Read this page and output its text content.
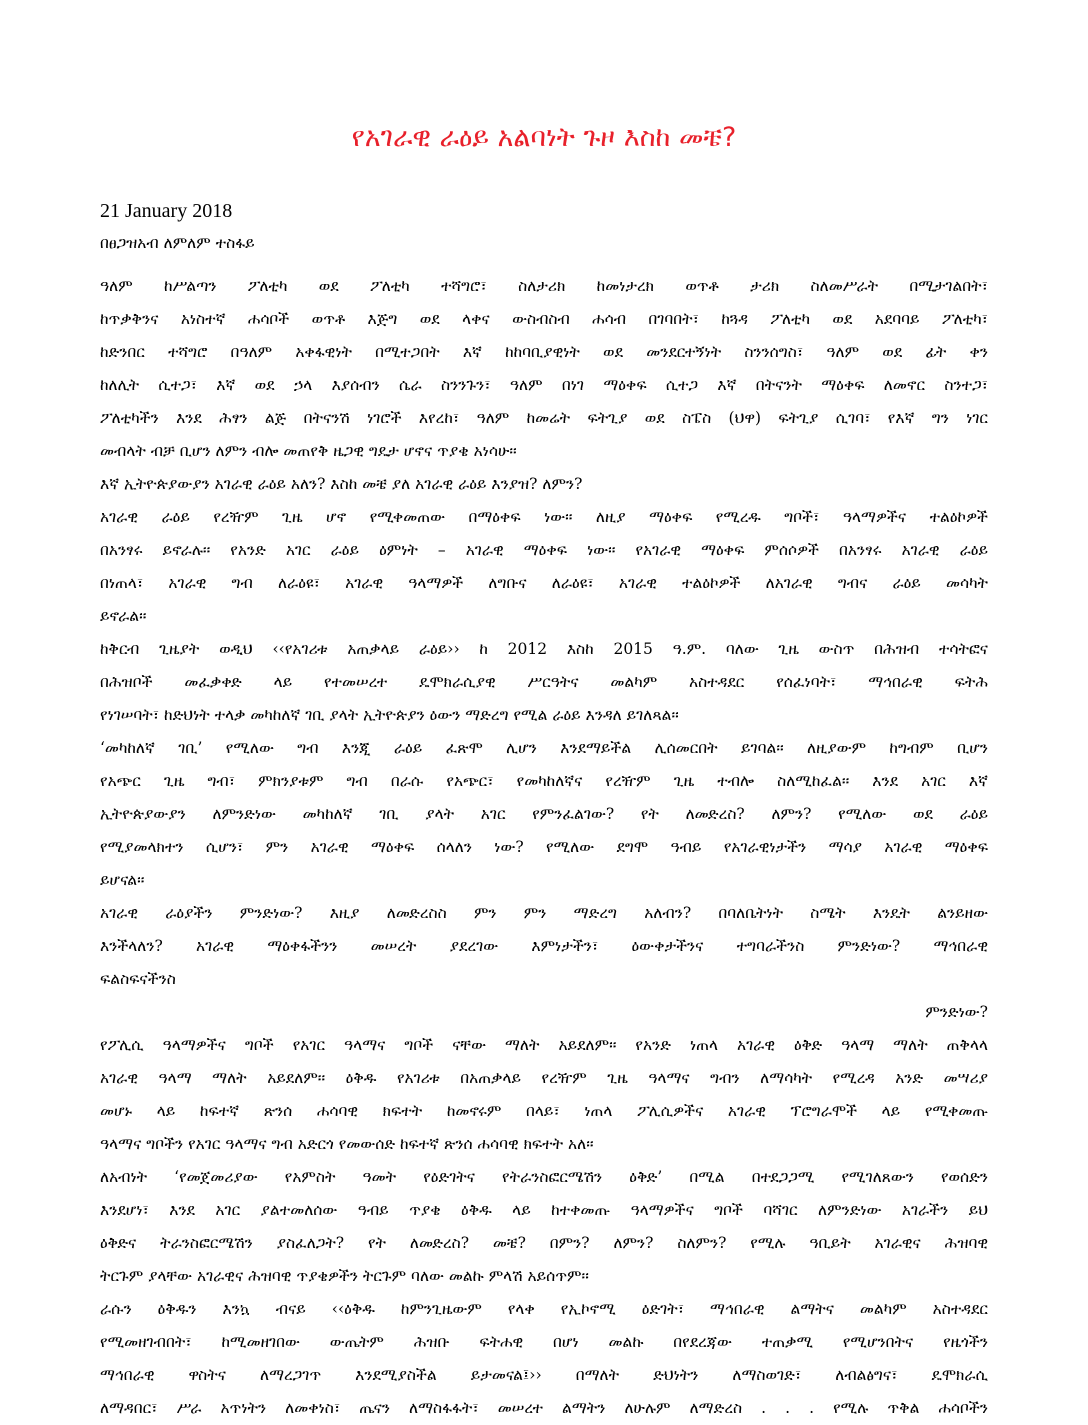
የአገራዊ ራዕይ አልባነት ጉዞ እስከ መቼ?
21 January 2018
በፀጋዝአብ ለምለም ተስፋይ
ዓለም ከሥልጣን ፖለቲካ ወደ ፖለቲካ ተሻግሮ፣ ስለታሪክ ከመነታረክ ወጥቶ ታሪክ ስለመሥራት በሚታገልበት፣
ከጥቃቅንና አነስተኛ ሐሳቦች ወጥቶ እጅግ ወደ ላቀና ውስብስብ ሐሳብ በገባበት፣ ከጓዳ ፖለቲካ ወደ አደባባይ ፖለቲካ፣
ከድንበር ተሻግሮ በዓለም አቀፋዊነት በሚተጋበት እኛ ከከባቢያዊነት ወደ መንደርተኝነት ስንንሰግስ፣ ዓለም ወደ ፊት ቀን
ከለሊት ሲተጋ፣ እኛ ወደ ኃላ እያሰብን ሴራ ስንንጉን፣ ዓለም በነገ ማዕቀፍ ሲተጋ እኛ በትናንት ማዕቀፍ ለመኖር ስንተጋ፣
ፖለቲካችን እንደ ሕፃን ልጅ በትናንሽ ነገሮች እየረከ፣ ዓለም ከመሬት ፍትጊያ ወደ ስፔስ (ህዋ) ፍትጊያ ሲገባ፣ የእኛ ግን ነገር
መብላት ብቻ ቢሆን ለምን ብሎ መጠየቅ ዜጋዊ ግዴታ ሆኖና ጥያቄ አነሳሁ፡፡
እኛ ኢትዮጵያውያን አገራዊ ራዕይ አለን? እስከ መቼ ያለ አገራዊ ራዕይ እንያዝ? ለምን?
አገራዊ ራዕይ የረዥም ጊዜ ሆኖ የሚቀመጠው በማዕቀፍ ነው፡፡ ለዚያ ማዕቀፍ የሚረዱ ግቦች፣ ዓላማዎችና ተልዕኮዎች
በአንፃሩ ይኖራሉ፡፡ የአንድ አገር ራዕይ ዕምነት – አገራዊ ማዕቀፍ ነው፡፡ የአገራዊ ማዕቀፍ ምሰሶዎች በአንፃሩ አገራዊ ራዕይ
በነጠላ፣ አገራዊ ግብ ለራዕዩ፣ አገራዊ ዓላማዎች ለግቡና ለራዕዩ፣ አገራዊ ተልዕኮዎች ለአገራዊ ግብና ራዕይ መሳካት
ይኖራል፡፡
ከቅርብ ጊዜያት ወዲህ ‹‹የአገሪቱ አጠቃላይ ራዕይ›› ከ 2012 እስከ 2015 ዓ.ም. ባለው ጊዜ ውስጥ በሕዝብ ተሳትፎና
በሕዝቦች መፈቃቀድ ላይ የተመሠረተ ዴሞክራሲያዊ ሥርዓትና መልካም አስተዳደር የሰፈነባት፣ ማኅበራዊ ፍትሕ
የነገሠባት፣ ከድህነት ተላቃ መካከለኛ ገቢ ያላት ኢትዮጵያን ዕውን ማድረግ የሚል ራዕይ እንዳለ ይገለጻል፡፡
‘መካከለኛ ገቢ’ የሚለው ግብ እንጂ ራዕይ ፈጽሞ ሊሆን እንደማይችል ሊሰመርበት ይገባል፡፡ ለዚያውም ከግብም ቢሆን
የአጭር ጊዜ ግብ፣ ምክንያቱም ግብ በራሱ የአጭር፣ የመካከለኛና የረዥም ጊዜ ተብሎ ስለሚከፈል፡፡ እንደ አገር እኛ
ኢትዮጵያውያን ለምንድነው መካከለኛ ገቢ ያላት አገር የምንፈልገው? የት ለመድረስ? ለምን? የሚለው ወደ ራዕይ
የሚያመላክተን ሲሆን፣ ምን አገራዊ ማዕቀፍ ሰላለን ነው? የሚለው ደግሞ ዓብይ የአገራዊነታችን ማሳያ አገራዊ ማዕቀፍ
ይሆናል፡፡
አገራዊ ራዕያችን ምንድነው? እዚያ ለመድረስስ ምን ምን ማድረግ አለብን? በባለቤትነት ስሜት እንዴት ልንይዘው
እንችላለን? አገራዊ ማዕቀፋችንን መሠረት ያደረገው እምነታችን፣ ዕውቀታችንና ተግባራችንስ ምንድነው? ማኅበራዊ
ፍልስፍናችንስ
ምንድነው?
የፖሊሲ ዓላማዎችና ግቦች የአገር ዓላማና ግቦች ናቸው ማለት አይደለም፡፡ የአንድ ነጠላ አገራዊ ዕቅድ ዓላማ ማለት ጠቅላላ
አገራዊ ዓላማ ማለት አይደለም፡፡ ዕቅዱ የአገሪቱ በአጠቃላይ የረዥም ጊዜ ዓላማና ግብን ለማሳካት የሚረዳ አንድ መሣሪያ
መሆኑ ላይ ከፍተኛ ጽንሰ ሐሳባዊ ክፍተት ከመኖሩም በላይ፣ ነጠላ ፖሊሲዎችና አገራዊ ፕሮግራሞች ላይ የሚቀመጡ
ዓላማና ግቦችን የአገር ዓላማና ግብ አድርጎ የመውሰድ ከፍተኛ ጽንሰ ሐሳባዊ ክፍተት አለ፡፡
ለአብነት ‘የመጀመሪያው የአምስት ዓመት የዕድገትና የትራንስፎርሜሽን ዕቅድ’ በሚል በተደጋጋሚ የሚገለጸውን የወሰድን
እንደሆነ፣ እንደ አገር ያልተመለሰው ዓብይ ጥያቄ ዕቅዱ ላይ ከተቀመጡ ዓላማዎችና ግቦች ባሻገር ለምንድነው አገራችን ይህ
ዕቅድና ትራንስፎርሜሽን ያስፈለጋት? የት ለመድረስ? መቼ? በምን? ለምን? ስለምን? የሚሉ ዓቢይት አገራዊና ሕዝባዊ
ትርጉም ያላቸው አገራዊና ሕዝባዊ ጥያቄዎችን ትርጉም ባለው መልኩ ምላሽ አይሰጥም፡፡
ራሱን ዕቅዱን እንኳ ብናይ ‹‹ዕቅዱ ከምንጊዜውም የላቀ የኢኮኖሚ ዕድገት፣ ማኅበራዊ ልማትና መልካም አስተዳደር
የሚመዘገብበት፣ ከሚመዘገበው ውጤትም ሕዝቡ ፍትሐዊ በሆነ መልኩ በየደረጃው ተጠቃሚ የሚሆንበትና የዜጎችን
ማኅበራዊ ዋስትና ለማረጋገጥ እንደሚያስችል ይታመናል፤›› በማለት ድህነትን ለማስወገድ፣ ለብልፅግና፣ ዴሞክራሲ
ለማዳበር፣ ሥራ አጥነትን ለመቀነስ፣ ጤናን ለማስፋፋት፣ መሠረተ ልማትን ለሁሉም ለማድረስ . . . የሚሉ ጥቅል ሐሳቦችን
